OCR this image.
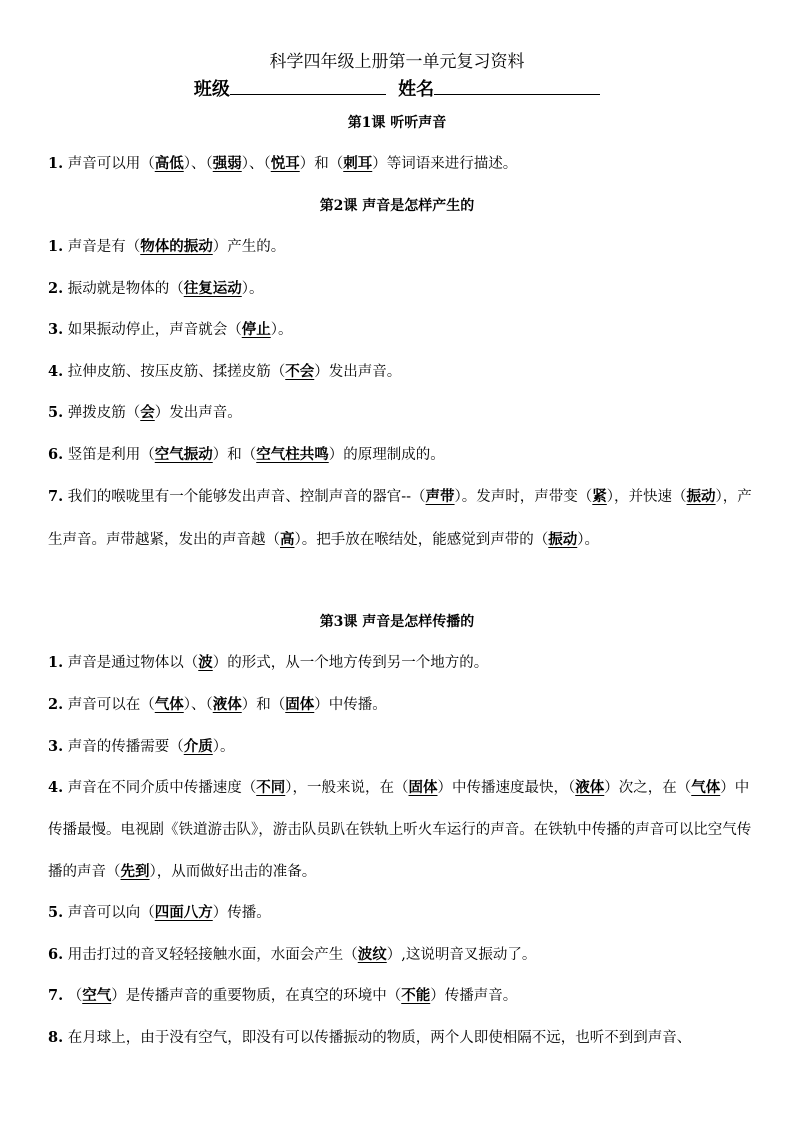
科学四年级上册第一单元复习资料
班级	姓名
第1课 听听声音
1. 声音可以用（高低）、（强弱）、（悦耳）和（刺耳）等词语来进行描述。
第2课 声音是怎样产生的
1. 声音是有（物体的振动）产生的。
2. 振动就是物体的（往复运动）。
3. 如果振动停止，声音就会（停止）。
4. 拉伸皮筋、按压皮筋、揉搓皮筋（不会）发出声音。
5. 弹拨皮筋（会）发出声音。
6. 竖笛是利用（空气振动）和（空气柱共鸣）的原理制成的。
7. 我们的喉咙里有一个能够发出声音、控制声音的器官--（声带）。发声时，声带变（紧），并快速（振动），产生声音。声带越紧，发出的声音越（高）。把手放在喉结处，能感觉到声带的（振动）。
第3课 声音是怎样传播的
1. 声音是通过物体以（波）的形式，从一个地方传到另一个地方的。
2. 声音可以在（气体）、（液体）和（固体）中传播。
3. 声音的传播需要（介质）。
4. 声音在不同介质中传播速度（不同），一般来说，在（固体）中传播速度最快，（液体）次之，在（气体）中传播最慢。电视剧《铁道游击队》，游击队员趴在铁轨上听火车运行的声音。在铁轨中传播的声音可以比空气传播的声音（先到），从而做好出击的准备。
5. 声音可以向（四面八方）传播。
6. 用击打过的音叉轻轻接触水面，水面会产生（波纹）,这说明音叉振动了。
7. （空气）是传播声音的重要物质，在真空的环境中（不能）传播声音。
8. 在月球上，由于没有空气，即没有可以传播振动的物质，两个人即使相隔不远，也听不到到声音、
